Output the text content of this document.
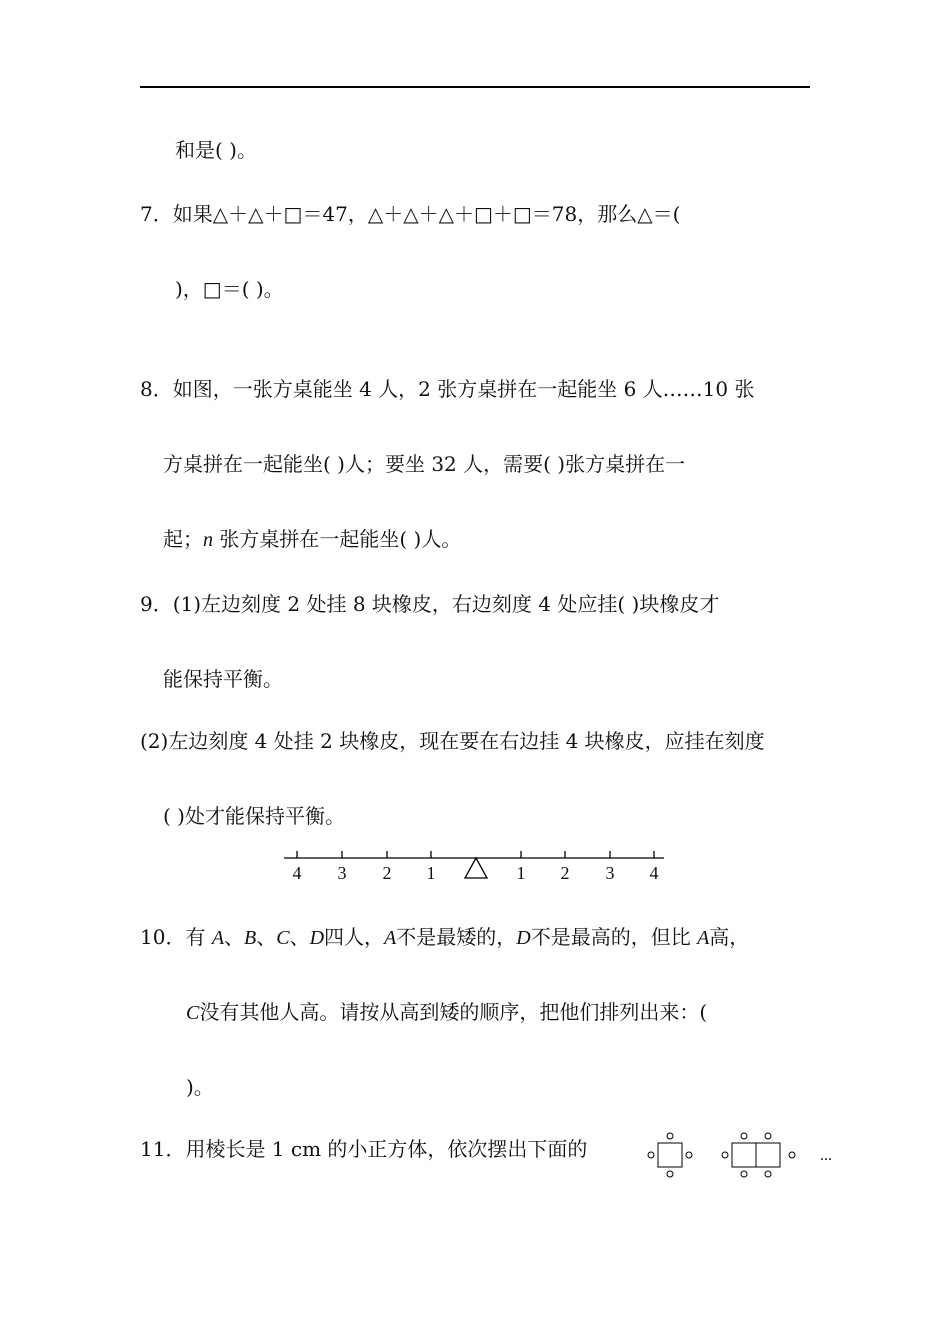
和是( )。
7．如果△＋△＋□＝47，△＋△＋△＋□＋□＝78，那么△＝(
)，□＝( )。
8．如图，一张方桌能坐 4 人，2 张方桌拼在一起能坐 6 人……10 张
方桌拼在一起能坐( )人；要坐 32 人，需要( )张方桌拼在一
起；n 张方桌拼在一起能坐( )人。
9．(1)左边刻度 2 处挂 8 块橡皮，右边刻度 4 处应挂( )块橡皮才
能保持平衡。
(2)左边刻度 4 处挂 2 块橡皮，现在要在右边挂 4 块橡皮，应挂在刻度
( )处才能保持平衡。
4 3 2 1	1 2 3 4
10．有 A、B、C、D四人，A不是最矮的，D不是最高的，但比 A高，
C没有其他人高。请按从高到矮的顺序，把他们排列出来：(
)。
11．用棱长是 1 cm 的小正方体，依次摆出下面的	...
